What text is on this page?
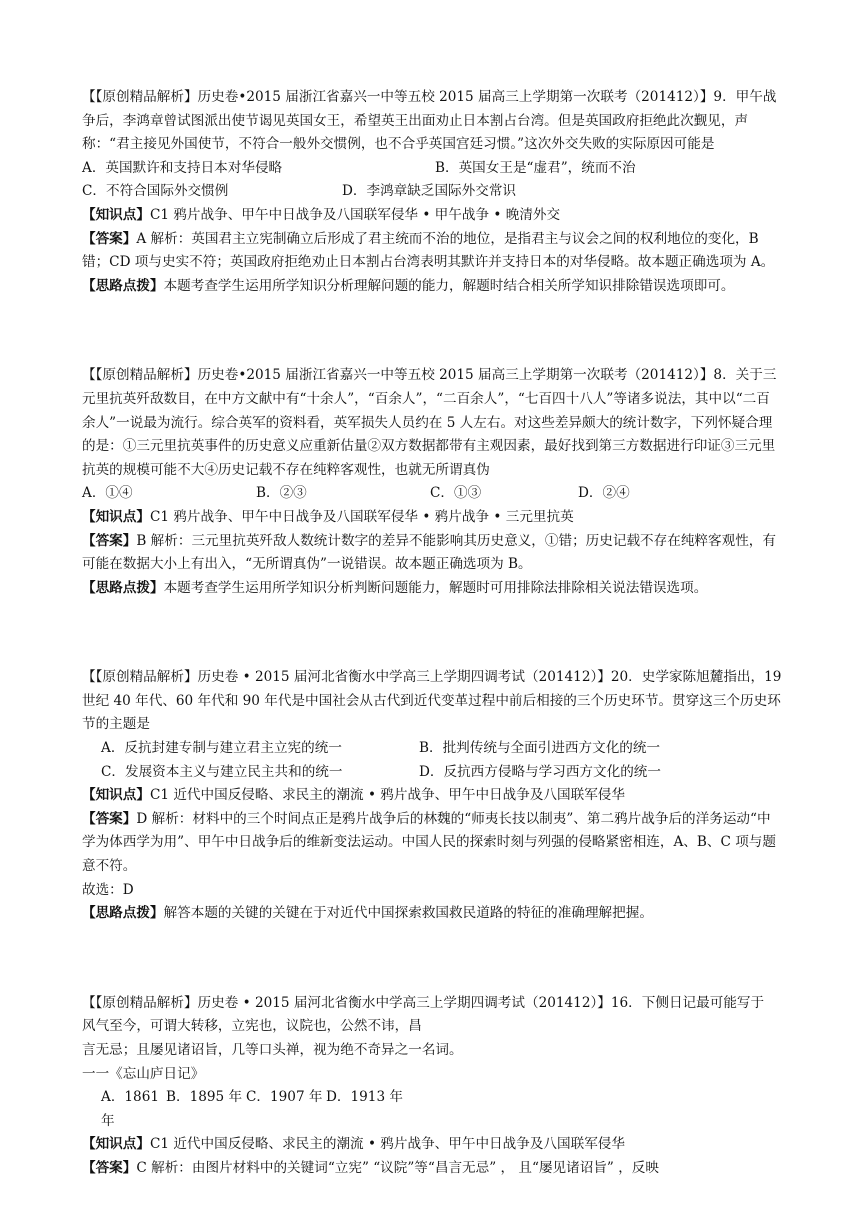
【【原创精品解析】历史卷•2015 届浙江省嘉兴一中等五校 2015 届高三上学期第一次联考（201412）】9．甲午战争后，李鸿章曾试图派出使节谒见英国女王，希望英王出面劝止日本割占台湾。但是英国政府拒绝此次觐见，声称：“君主接见外国使节，不符合一般外交惯例，也不合乎英国宫廷习惯。”这次外交失败的实际原因可能是

A．英国默许和支持日本对华侵略	B．英国女王是“虚君”，统而不治
C．不符合国际外交惯例	D．李鸿章缺乏国际外交常识

【知识点】C1 鸦片战争、甲午中日战争及八国联军侵华 • 甲午战争 • 晚清外交

【答案】A 解析：英国君主立宪制确立后形成了君主统而不治的地位，是指君主与议会之间的权利地位的变化，B 错；CD 项与史实不符；英国政府拒绝劝止日本割占台湾表明其默许并支持日本的对华侵略。故本题正确选项为 A。

【思路点拨】本题考查学生运用所学知识分析理解问题的能力，解题时结合相关所学知识排除错误选项即可。

【【原创精品解析】历史卷•2015 届浙江省嘉兴一中等五校 2015 届高三上学期第一次联考（201412）】8．关于三元里抗英歼敌数目，在中方文献中有“十余人”，“百余人”，“二百余人”，“七百四十八人”等诸多说法，其中以“二百余人”一说最为流行。综合英军的资料看，英军损失人员约在 5 人左右。对这些差异颇大的统计数字，下列怀疑合理的是：①三元里抗英事件的历史意义应重新估量②双方数据都带有主观因素，最好找到第三方数据进行印证③三元里抗英的规模可能不大④历史记载不存在纯粹客观性，也就无所谓真伪

A．①④	B．②③	C．①③	D．②④

【知识点】C1 鸦片战争、甲午中日战争及八国联军侵华 • 鸦片战争 • 三元里抗英

【答案】B 解析：三元里抗英歼敌人数统计数字的差异不能影响其历史意义，①错；历史记载不存在纯粹客观性，有可能在数据大小上有出入，“无所谓真伪”一说错误。故本题正确选项为 B。

【思路点拨】本题考查学生运用所学知识分析判断问题能力，解题时可用排除法排除相关说法错误选项。

【【原创精品解析】历史卷 • 2015 届河北省衡水中学高三上学期四调考试（201412）】20．史学家陈旭麓指出，19 世纪 40 年代、60 年代和 90 年代是中国社会从古代到近代变革过程中前后相接的三个历史环节。贯穿这三个历史环节的主题是

A．反抗封建专制与建立君主立宪的统一	B．批判传统与全面引进西方文化的统一
C．发展资本主义与建立民主共和的统一	D．反抗西方侵略与学习西方文化的统一

【知识点】C1 近代中国反侵略、求民主的潮流 • 鸦片战争、甲午中日战争及八国联军侵华

【答案】D 解析：材料中的三个时间点正是鸦片战争后的林魏的“师夷长技以制夷”、第二鸦片战争后的洋务运动“中学为体西学为用”、甲午中日战争后的维新变法运动。中国人民的探索时刻与列强的侵略紧密相连，A、B、C 项与题意不符。

故选：D

【思路点拨】解答本题的关键的关键在于对近代中国探索救国救民道路的特征的准确理解把握。

【【原创精品解析】历史卷 • 2015 届河北省衡水中学高三上学期四调考试（201412）】16．下侧日记最可能写于

风气至今，可谓大转移，立宪也，议院也，公然不讳，昌

言无忌；且屡见诸诏旨，几等口头禅，视为绝不奇异之一名词。

一一《忘山庐日记》

A．1861 年
B．1895 年 C．1907 年 D．1913 年

【知识点】C1 近代中国反侵略、求民主的潮流 • 鸦片战争、甲午中日战争及八国联军侵华

【答案】C 解析：由图片材料中的关键词“立宪” “议院”等“昌言无忌” ， 且“屡见诸诏旨” ，反映
